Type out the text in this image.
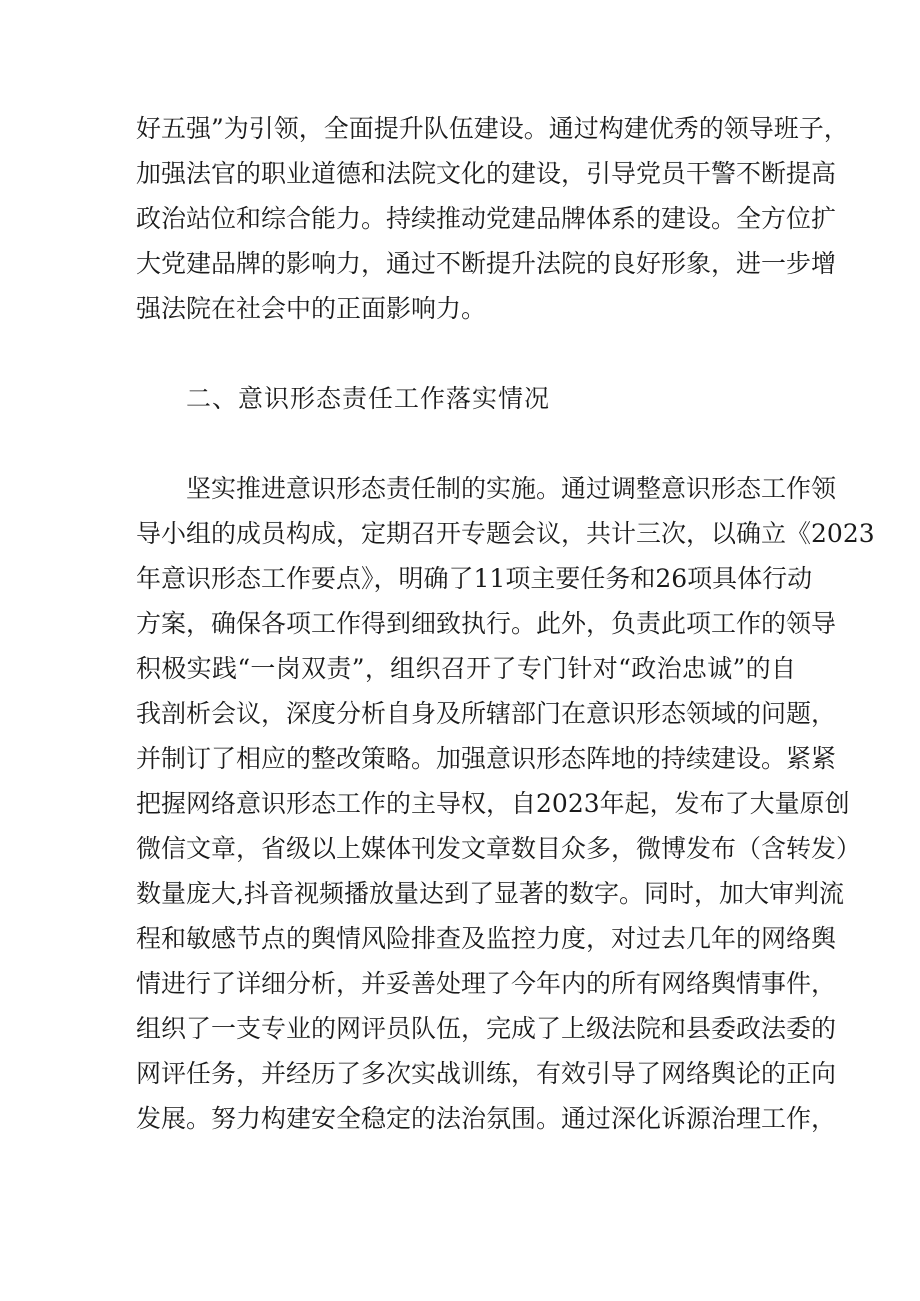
好五强”为引领，全面提升队伍建设。通过构建优秀的领导班子，
加强法官的职业道德和法院文化的建设，引导党员干警不断提高
政治站位和综合能力。持续推动党建品牌体系的建设。全方位扩
大党建品牌的影响力，通过不断提升法院的良好形象，进一步增
强法院在社会中的正面影响力。
二、意识形态责任工作落实情况
坚实推进意识形态责任制的实施。通过调整意识形态工作领
导小组的成员构成，定期召开专题会议，共计三次，以确立《2023
年意识形态工作要点》，明确了11项主要任务和26项具体行动
方案，确保各项工作得到细致执行。此外，负责此项工作的领导
积极实践“一岗双责”，组织召开了专门针对“政治忠诚”的自
我剖析会议，深度分析自身及所辖部门在意识形态领域的问题，
并制订了相应的整改策略。加强意识形态阵地的持续建设。紧紧
把握网络意识形态工作的主导权，自2023年起，发布了大量原创
微信文章，省级以上媒体刊发文章数目众多，微博发布（含转发）
数量庞大,抖音视频播放量达到了显著的数字。同时，加大审判流
程和敏感节点的舆情风险排查及监控力度，对过去几年的网络舆
情进行了详细分析，并妥善处理了今年内的所有网络舆情事件，
组织了一支专业的网评员队伍，完成了上级法院和县委政法委的
网评任务，并经历了多次实战训练，有效引导了网络舆论的正向
发展。努力构建安全稳定的法治氛围。通过深化诉源治理工作，
